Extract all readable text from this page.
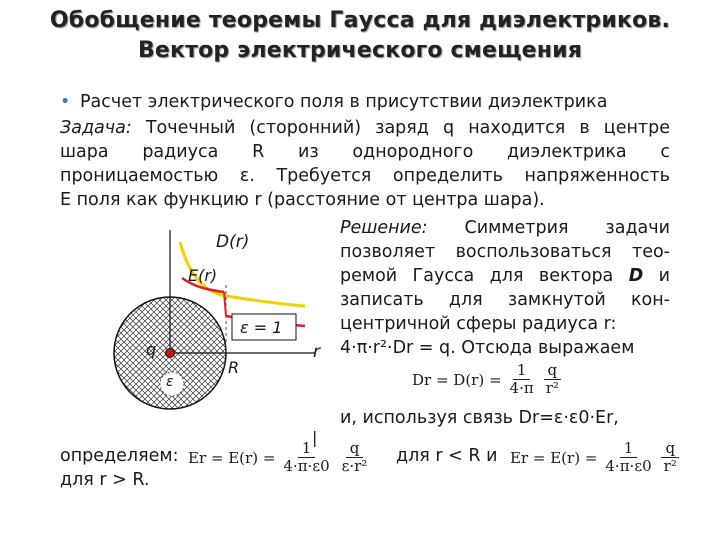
Обобщение теоремы Гаусса для диэлектриков.
Вектор электрического смещения
• Расчет электрического поля в присутствии диэлектрика
Задача: Точечный (сторонний) заряд q находится в центре
шара радиуса R из однородного диэлектрика с
проницаемостью ε. Требуется определить напряженность
E поля как функцию r (расстояние от центра шара).
Решение: Симметрия задачи
позволяет воспользоваться тео-
ремой Гаусса для вектора D и
записать для замкнутой кон-
центричной сферы радиуса r:
4·π·r²·Dr = q. Отсюда выражаем
$Dr = D(r) = \frac{1}{4\cdot\pi} \frac{q}{\text{r²}}$
и, используя связь Dr=ε·ε0·Er,
|
определяем:
для r > R.
$Er = E(r) = \frac{1}{4\cdot\pi\cdot\varepsilon 0} \frac{q}{\text{ε·r²}}$ для r < R и $Er = E(r) = \frac{1}{4\cdot\pi\cdot\varepsilon 0} \frac{q}{\text{r²}}$
D(r)
E(r)
ε = 1
q
R
ε
r
